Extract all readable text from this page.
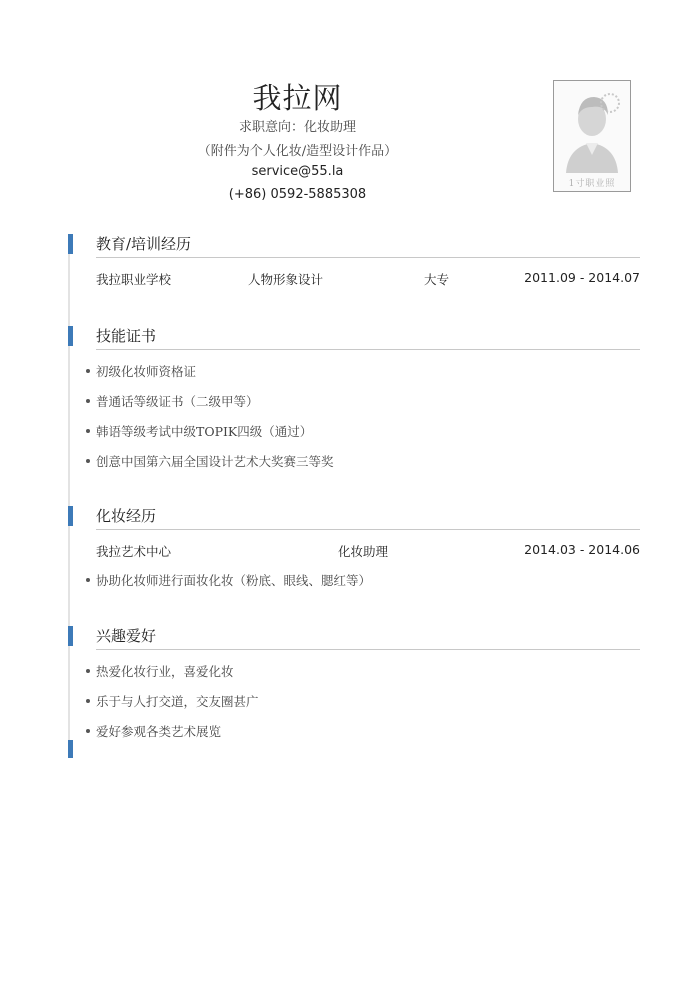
我拉网
求职意向：化妆助理
（附件为个人化妆/造型设计作品）
service@55.la
(+86) 0592-5885308
1寸职业照
教育/培训经历
我拉职业学校	人物形象设计	大专	2011.09 - 2014.07
技能证书
初级化妆师资格证
普通话等级证书（二级甲等）
韩语等级考试中级TOPIK四级（通过）
创意中国第六届全国设计艺术大奖赛三等奖
化妆经历
我拉艺术中心	化妆助理	2014.03 - 2014.06
协助化妆师进行面妆化妆（粉底、眼线、腮红等）
兴趣爱好
热爱化妆行业，喜爱化妆
乐于与人打交道，交友圈甚广
爱好参观各类艺术展览
